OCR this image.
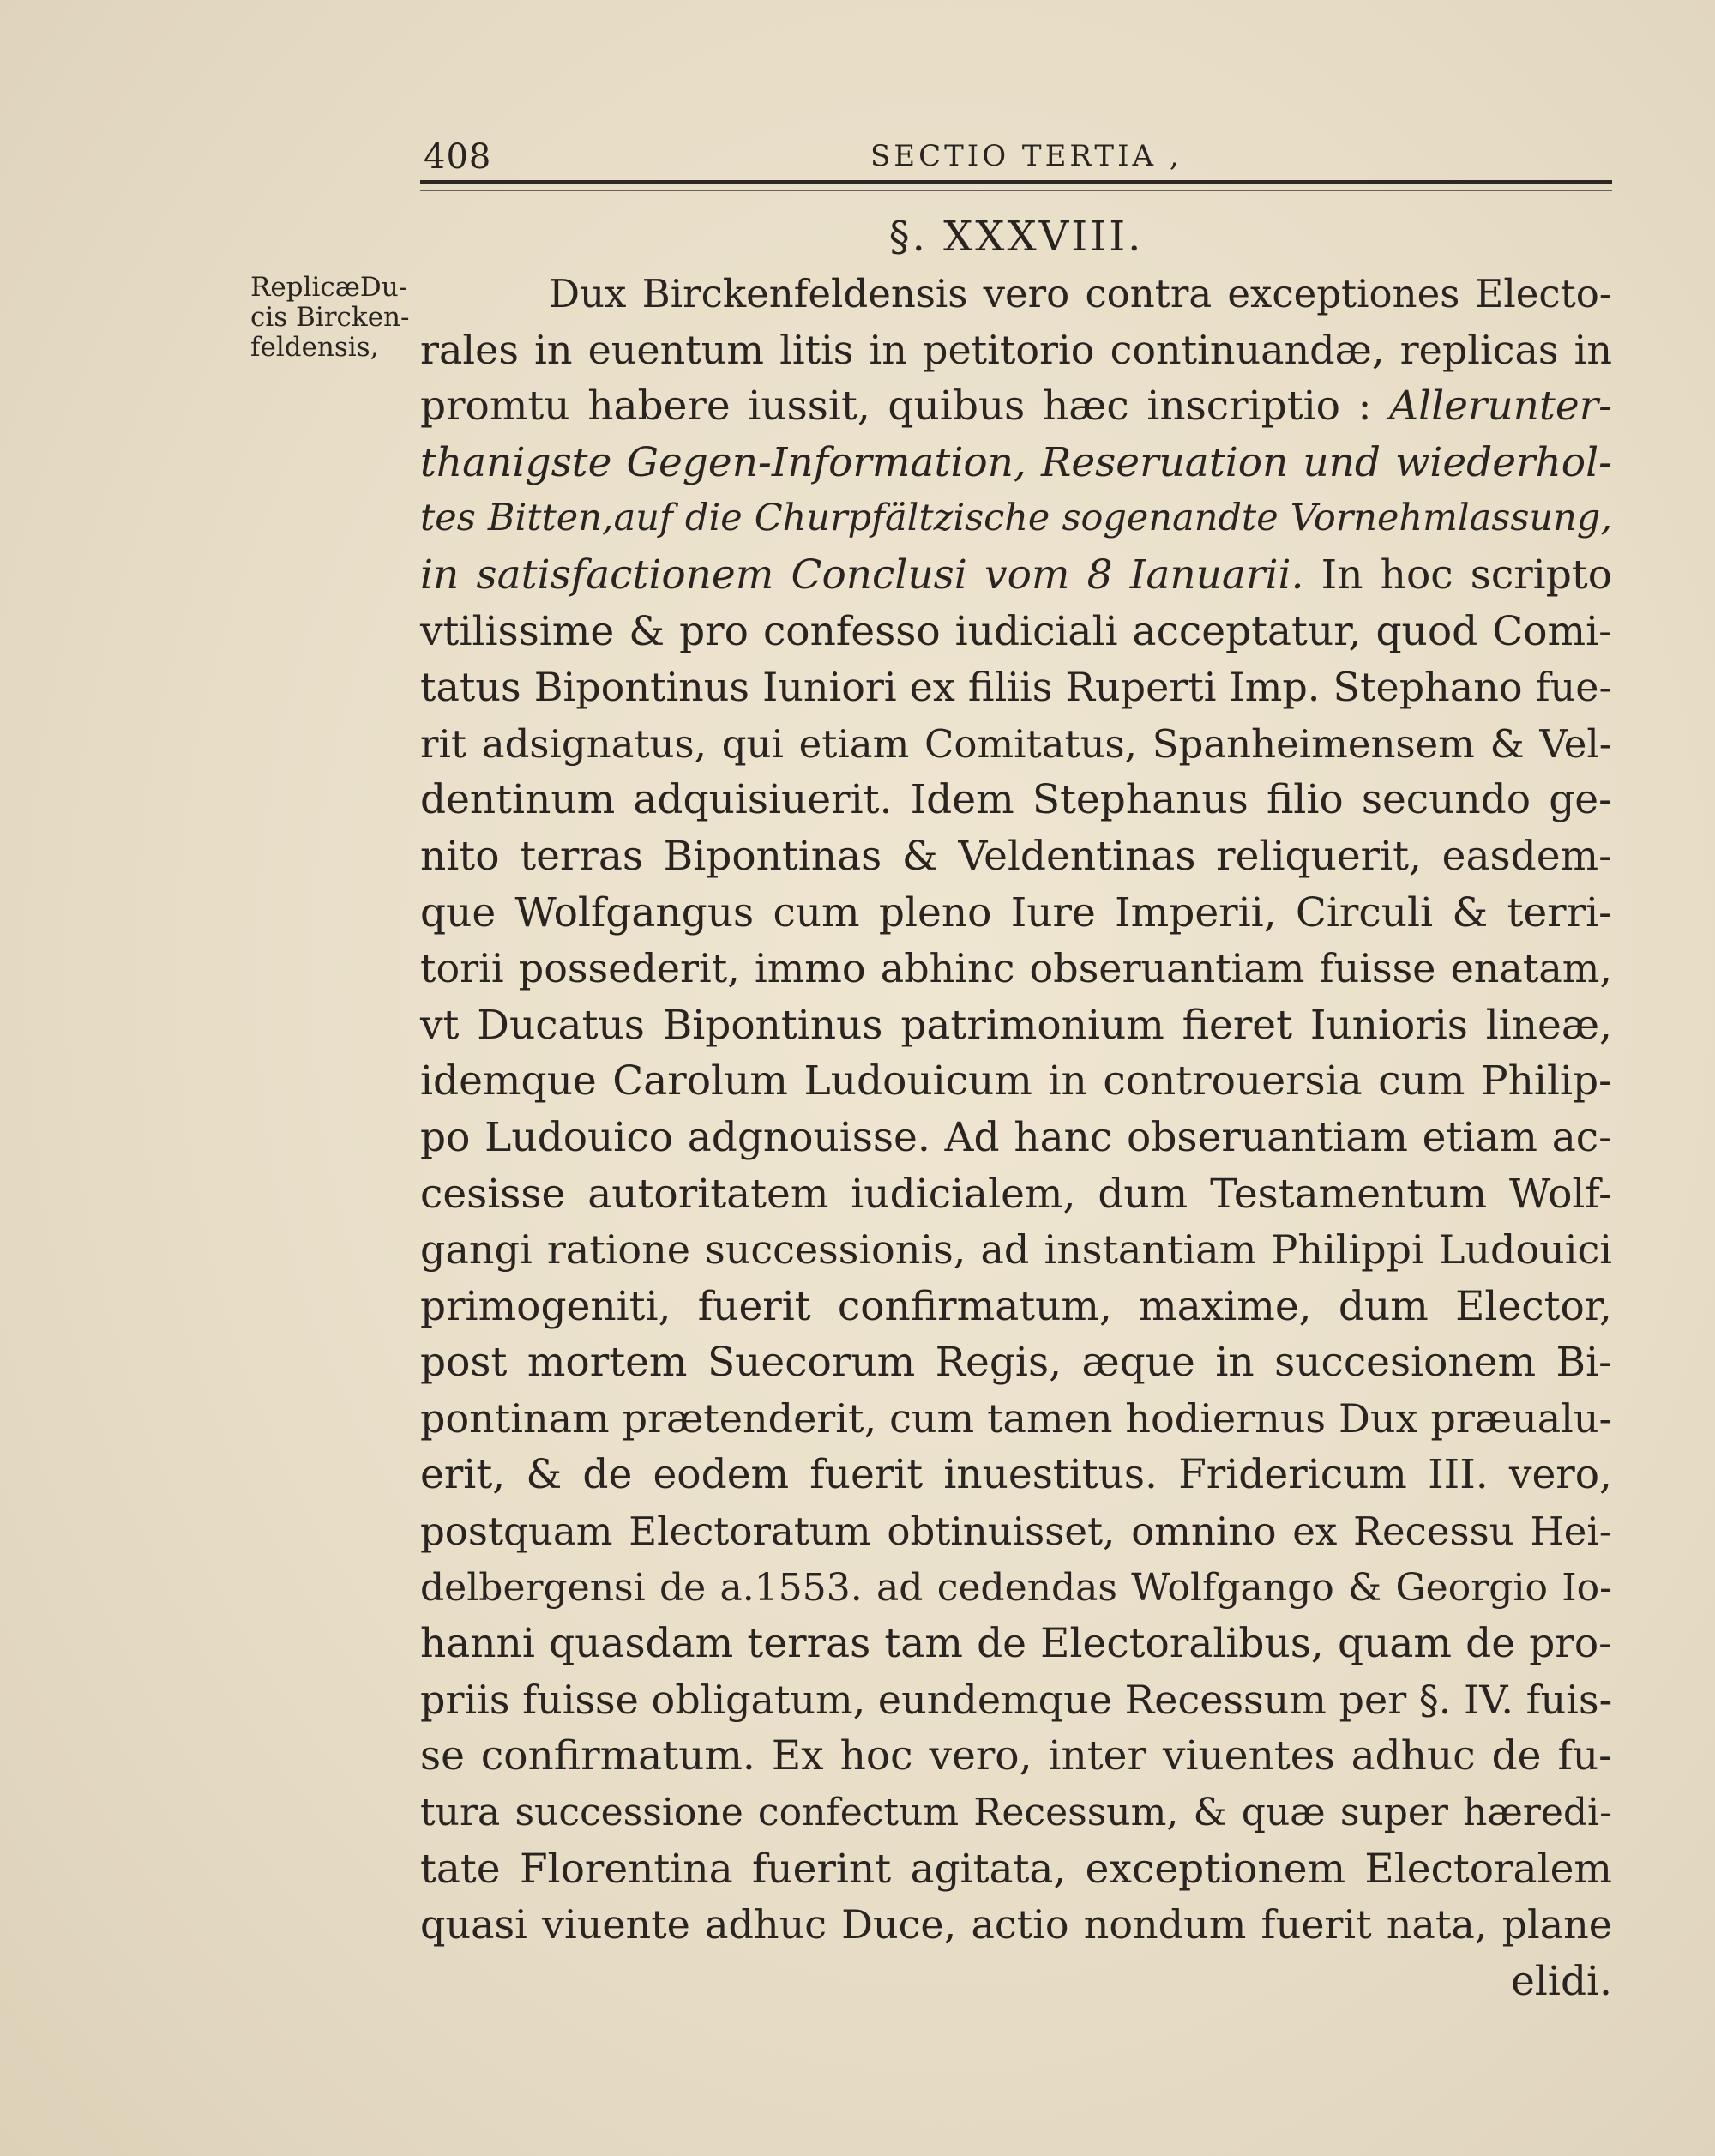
408	SECTIO TERTIA ,
§. XXXVIII.
ReplicæDu-
cis Bircken-
feldensis,
Dux Birckenfeldensis vero contra exceptiones Electo-
rales in euentum litis in petitorio continuandæ, replicas in
promtu habere iussit, quibus hæc inscriptio : Allerunter-
thanigste Gegen-Information, Reseruation und wiederhol-
tes Bitten,auf die Churpfältzische sogenandte Vornehmlassung,
in satisfactionem Conclusi vom 8 Ianuarii. In hoc scripto
vtilissime & pro confesso iudiciali acceptatur, quod Comi-
tatus Bipontinus Iuniori ex filiis Ruperti Imp. Stephano fue-
rit adsignatus, qui etiam Comitatus, Spanheimensem & Vel-
dentinum adquisiuerit. Idem Stephanus filio secundo ge-
nito terras Bipontinas & Veldentinas reliquerit, easdem-
que Wolfgangus cum pleno Iure Imperii, Circuli & terri-
torii possederit, immo abhinc obseruantiam fuisse enatam,
vt Ducatus Bipontinus patrimonium fieret Iunioris lineæ,
idemque Carolum Ludouicum in controuersia cum Philip-
po Ludouico adgnouisse. Ad hanc obseruantiam etiam ac-
cesisse autoritatem iudicialem, dum Testamentum Wolf-
gangi ratione successionis, ad instantiam Philippi Ludouici
primogeniti, fuerit confirmatum, maxime, dum Elector,
post mortem Suecorum Regis, æque in succesionem Bi-
pontinam prætenderit, cum tamen hodiernus Dux præualu-
erit, & de eodem fuerit inuestitus. Fridericum III. vero,
postquam Electoratum obtinuisset, omnino ex Recessu Hei-
delbergensi de a.1553. ad cedendas Wolfgango & Georgio Io-
hanni quasdam terras tam de Electoralibus, quam de pro-
priis fuisse obligatum, eundemque Recessum per §. IV. fuis-
se confirmatum. Ex hoc vero, inter viuentes adhuc de fu-
tura successione confectum Recessum, & quæ super hæredi-
tate Florentina fuerint agitata, exceptionem Electoralem
quasi viuente adhuc Duce, actio nondum fuerit nata, plane
elidi.
